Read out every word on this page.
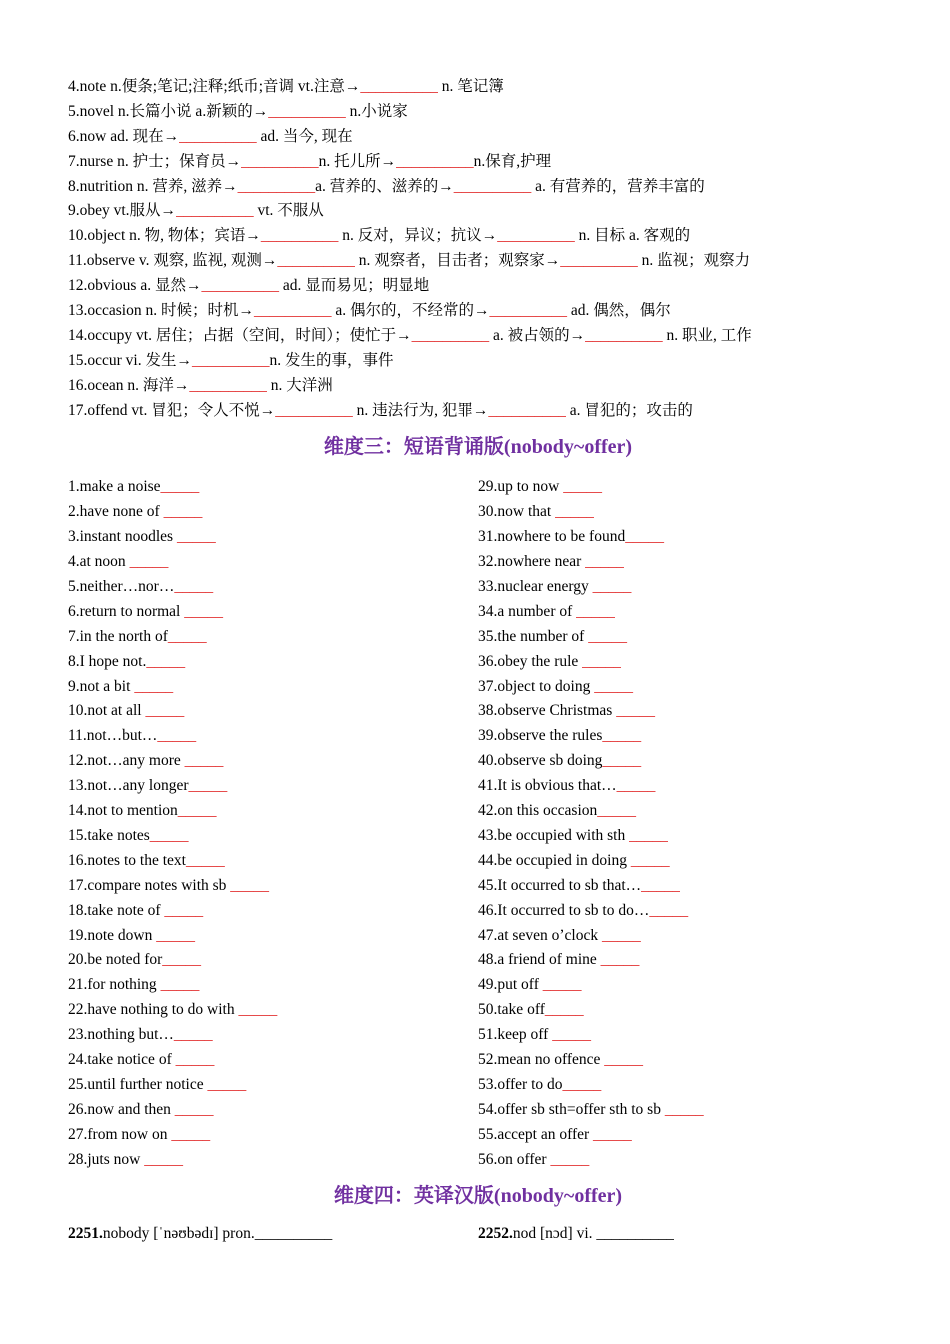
4.note n.便条;笔记;注释;纸币;音调 vt.注意→__________ n. 笔记簿
5.novel n.长篇小说 a.新颖的→__________ n.小说家
6.now ad. 现在→__________ ad. 当今, 现在
7.nurse n. 护士；保育员→__________n. 托儿所→__________n.保育,护理
8.nutrition n. 营养, 滋养→__________a. 营养的、滋养的→__________ a. 有营养的，营养丰富的
9.obey vt.服从→__________ vt. 不服从
10.object n. 物, 物体；宾语→__________ n. 反对，异议；抗议→__________ n. 目标 a. 客观的
11.observe v. 观察, 监视, 观测→__________ n. 观察者，目击者；观察家→__________ n. 监视；观察力
12.obvious a. 显然→__________ ad. 显而易见；明显地
13.occasion n. 时候；时机→__________ a. 偶尔的，不经常的→__________ ad. 偶然，偶尔
14.occupy vt. 居住；占据（空间，时间）；使忙于→__________ a. 被占领的→__________ n. 职业, 工作
15.occur vi. 发生→__________n. 发生的事，事件
16.ocean n. 海洋→__________ n. 大洋洲
17.offend vt. 冒犯；令人不悦→__________ n. 违法行为, 犯罪→__________ a. 冒犯的；攻击的
维度三：短语背诵版(nobody~offer)
1.make a noise_____
2.have none of _____
3.instant noodles _____
4.at noon _____
5.neither…nor…_____
6.return to normal _____
7.in the north of_____
8.I hope not._____
9.not a bit _____
10.not at all _____
11.not…but…_____
12.not…any more _____
13.not…any longer_____
14.not to mention_____
15.take notes_____
16.notes to the text_____
17.compare notes with sb _____
18.take note of _____
19.note down _____
20.be noted for_____
21.for nothing _____
22.have nothing to do with _____
23.nothing but…_____
24.take notice of _____
25.until further notice _____
26.now and then _____
27.from now on _____
28.juts now _____
29.up to now _____
30.now that _____
31.nowhere to be found_____
32.nowhere near _____
33.nuclear energy _____
34.a number of _____
35.the number of _____
36.obey the rule _____
37.object to doing _____
38.observe Christmas _____
39.observe the rules_____
40.observe sb doing_____
41.It is obvious that…_____
42.on this occasion_____
43.be occupied with sth _____
44.be occupied in doing _____
45.It occurred to sb that…_____
46.It occurred to sb to do…_____
47.at seven o’clock _____
48.a friend of mine _____
49.put off _____
50.take off_____
51.keep off _____
52.mean no offence _____
53.offer to do_____
54.offer sb sth=offer sth to sb _____
55.accept an offer _____
56.on offer _____
维度四：英译汉版(nobody~offer)
2251.nobody [ˈnəʊbədɪ] pron.__________	2252.nod [nɔd] vi. __________
